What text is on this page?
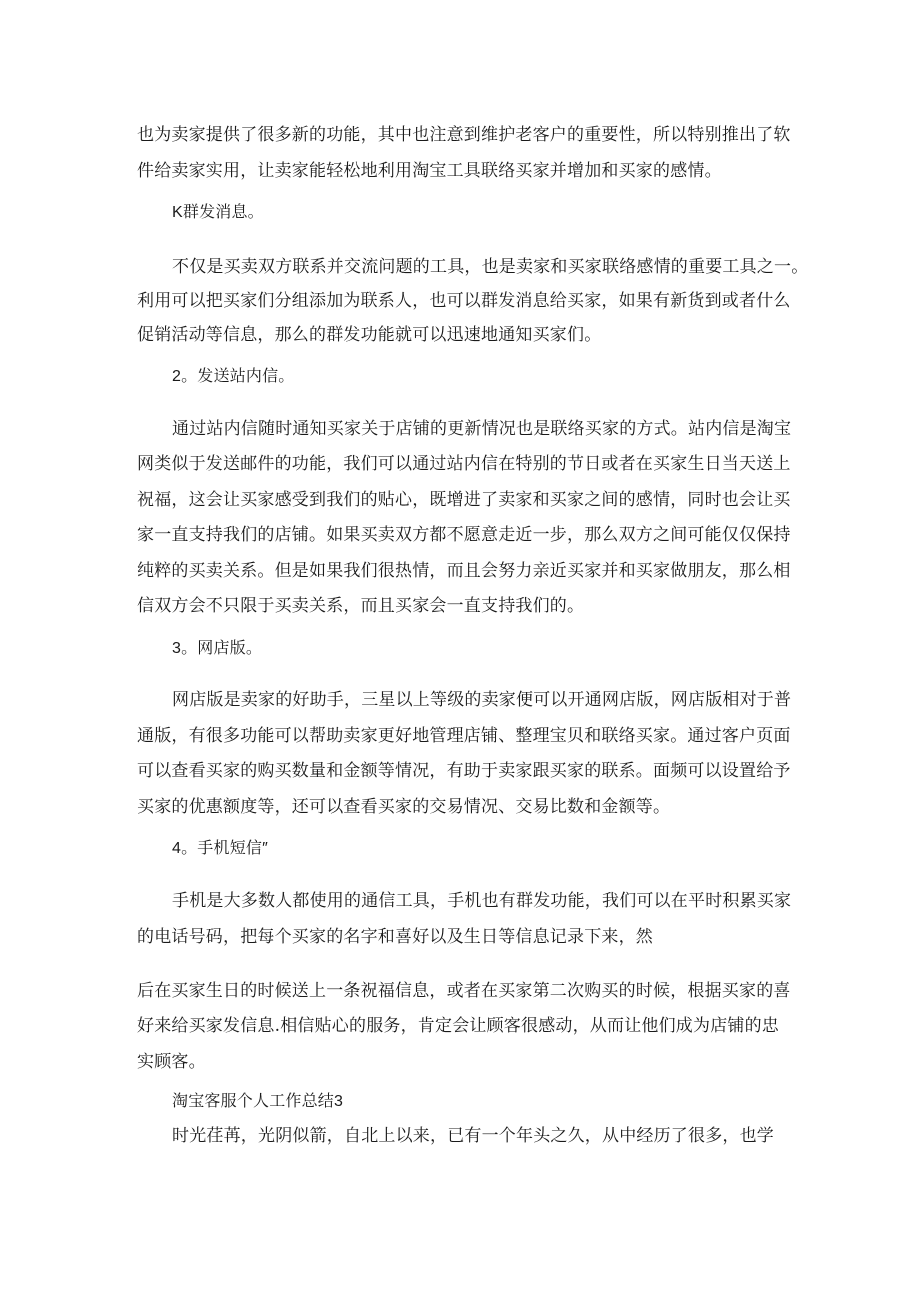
也为卖家提供了很多新的功能，其中也注意到维护老客户的重要性，所以特别推出了软
件给卖家实用，让卖家能轻松地利用淘宝工具联络买家并增加和买家的感情。
K群发消息。
不仅是买卖双方联系并交流问题的工具，也是卖家和买家联络感情的重要工具之一。
利用可以把买家们分组添加为联系人，也可以群发消息给买家，如果有新货到或者什么
促销活动等信息，那么的群发功能就可以迅速地通知买家们。
2。发送站内信。
通过站内信随时通知买家关于店铺的更新情况也是联络买家的方式。站内信是淘宝
网类似于发送邮件的功能，我们可以通过站内信在特别的节日或者在买家生日当天送上
祝福，这会让买家感受到我们的贴心，既增进了卖家和买家之间的感情，同时也会让买
家一直支持我们的店铺。如果买卖双方都不愿意走近一步，那么双方之间可能仅仅保持
纯粹的买卖关系。但是如果我们很热情，而且会努力亲近买家并和买家做朋友，那么相
信双方会不只限于买卖关系，而且买家会一直支持我们的。
3。网店版。
网店版是卖家的好助手，三星以上等级的卖家便可以开通网店版，网店版相对于普
通版，有很多功能可以帮助卖家更好地管理店铺、整理宝贝和联络买家。通过客户页面
可以查看买家的购买数量和金额等情况，有助于卖家跟买家的联系。面频可以设置给予
买家的优惠额度等，还可以查看买家的交易情况、交易比数和金额等。
4。手机短信″
手机是大多数人都使用的通信工具，手机也有群发功能，我们可以在平时积累买家
的电话号码，把每个买家的名字和喜好以及生日等信息记录下来，然
后在买家生日的时候送上一条祝福信息，或者在买家第二次购买的时候，根据买家的喜
好来给买家发信息.相信贴心的服务，肯定会让顾客很感动，从而让他们成为店铺的忠
实顾客。
淘宝客服个人工作总结3
时光荏苒，光阴似箭，自北上以来，已有一个年头之久，从中经历了很多，也学
